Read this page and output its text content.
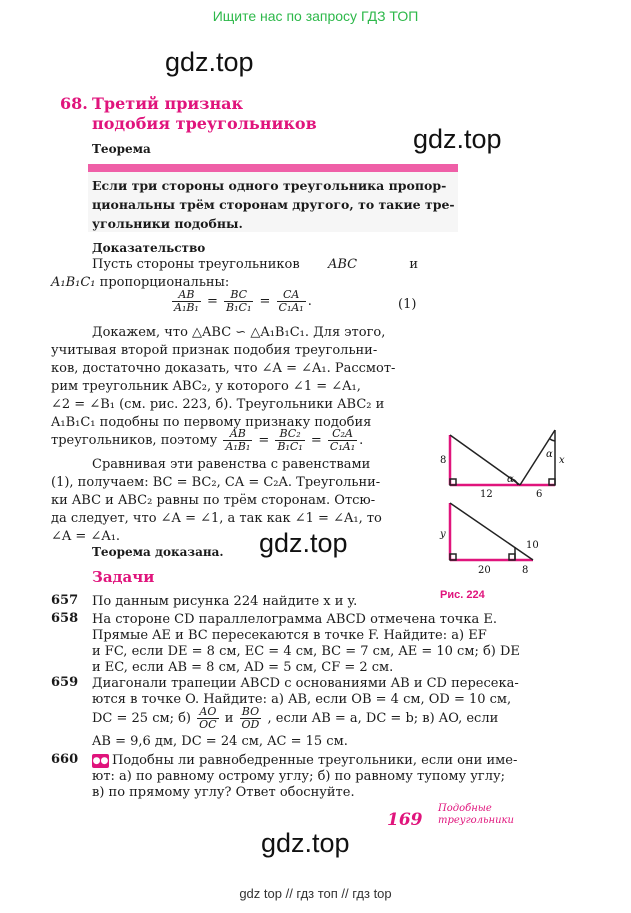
Ищите нас по запросу ГДЗ ТОП
gdz.top
gdz.top
gdz.top
gdz.top
68. Третий признак
подобия треугольников
Теорема
Если три стороны одного треугольника пропор-
циональны трём сторонам другого, то такие тре-
угольники подобны.
Доказательство
Пусть стороны треугольников ABC	и
A₁B₁C₁ пропорциональны:
$\frac{AB}{\text{A₁B₁}} = \frac{BC}{\text{B₁C₁}} = \frac{CA}{\text{C₁A₁}}$ .	(1)
Докажем, что △ABC ∽ △A₁B₁C₁. Для этого,
учитывая второй признак подобия треугольни-
ков, достаточно доказать, что ∠A = ∠A₁. Рассмот-
рим треугольник ABC₂, у которого ∠1 = ∠A₁,
∠2 = ∠B₁ (см. рис. 223, б). Треугольники ABC₂ и
A₁B₁C₁ подобны по первому признаку подобия
треугольников, поэтому $\frac{AB}{\text{A₁B₁}} = \frac{\text{BC₂}}{\text{B₁C₁}} = \frac{\text{C₂A}}{\text{C₁A₁}}$ .
Сравнивая эти равенства с равенствами
(1), получаем: BC = BC₂, CA = C₂A. Треугольни-
ки ABC и ABC₂ равны по трём сторонам. Отсю-
да следует, что ∠A = ∠1, а так как ∠1 = ∠A₁, то
∠A = ∠A₁.
Теорема доказана.
Задачи
657 По данным рисунка 224 найдите x и y.
658 На стороне CD параллелограмма ABCD отмечена точка E.
Прямые AE и BC пересекаются в точке F. Найдите: а) EF
и FC, если DE = 8 см, EC = 4 см, BC = 7 см, AE = 10 см; б) DE
и EC, если AB = 8 см, AD = 5 см, CF = 2 см.
659 Диагонали трапеции ABCD с основаниями AB и CD пересека-
ются в точке O. Найдите: а) AB, если OB = 4 см, OD = 10 см,
DC = 25 см; $б) \frac{AO}{OC}$ и $\frac{BO}{OD}$ , если AB = a, DC = b; в) AO, если
AB = 9,6 дм, DC = 24 см, AC = 15 см.
660 ●● Подобны ли равнобедренные треугольники, если они име-
ют: а) по равному острому углу; б) по равному тупому углу;
в) по прямому углу? Ответ обоснуйте.
8
12	6
α
α
x
y
10
20	8
Рис. 224
169
Подобные
треугольники
gdz top // гдз топ // гдз top
